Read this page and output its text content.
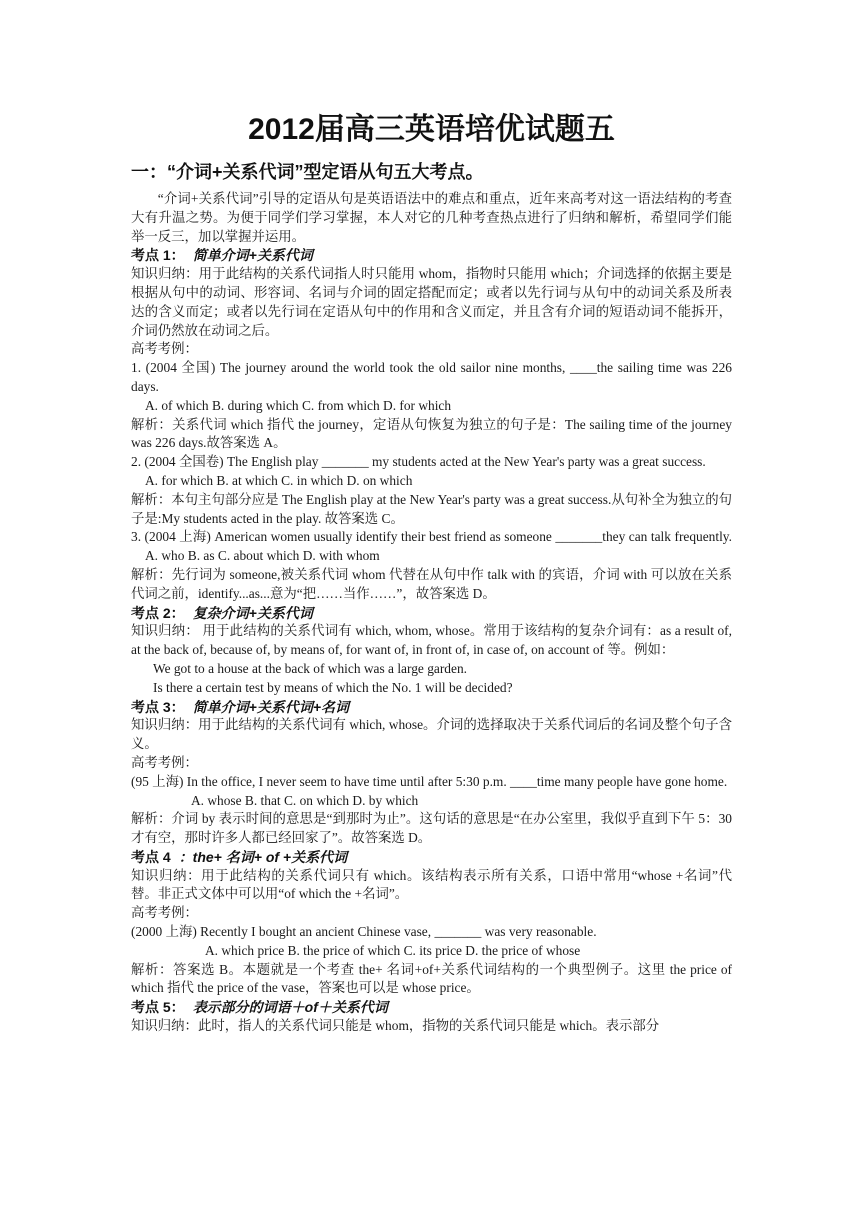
2012届高三英语培优试题五
一：“介词+关系代词”型定语从句五大考点。

“介词+关系代词”引导的定语从句是英语语法中的难点和重点，近年来高考对这一语法结构的考查大有升温之势。为便于同学们学习掌握，本人对它的几种考查热点进行了归纳和解析，希望同学们能举一反三，加以掌握并运用。

考点 1： 简单介词+关系代词

知识归纳：用于此结构的关系代词指人时只能用 whom，指物时只能用 which；介词选择的依据主要是根据从句中的动词、形容词、名词与介词的固定搭配而定；或者以先行词与从句中的动词关系及所表达的含义而定；或者以先行词在定语从句中的作用和含义而定，并且含有介词的短语动词不能拆开，介词仍然放在动词之后。

高考考例：

1. (2004 全国) The journey around the world took the old sailor nine months, ____the sailing time was 226 days.

A. of which B. during which C. from which D. for which

解析：关系代词 which 指代 the journey，定语从句恢复为独立的句子是：The sailing time of the journey was 226 days.故答案选 A。

2. (2004 全国卷) The English play _______ my students acted at the New Year's party was a great success.

A. for which B. at which C. in which D. on which

解析：本句主句部分应是 The English play at the New Year's party was a great success.从句补全为独立的句子是:My students acted in the play. 故答案选 C。

3. (2004 上海) American women usually identify their best friend as someone _______they can talk frequently. A. who B. as C. about which D. with whom

解析：先行词为 someone,被关系代词 whom 代替在从句中作 talk with 的宾语，介词 with 可以放在关系代词之前，identify...as...意为“把……当作……”，故答案选 D。

考点 2： 复杂介词+关系代词

知识归纳： 用于此结构的关系代词有 which, whom, whose。常用于该结构的复杂介词有：as a result of, at the back of, because of, by means of, for want of, in front of, in case of, on account of 等。例如：

We got to a house at the back of which was a large garden.

Is there a certain test by means of which the No. 1 will be decided?

考点 3： 简单介词+关系代词+名词

知识归纳：用于此结构的关系代词有 which, whose。介词的选择取决于关系代词后的名词及整个句子含义。

高考考例：

(95 上海) In the office, I never seem to have time until after 5:30 p.m. ____time many people have gone home.

A. whose B. that C. on which D. by which

解析：介词 by 表示时间的意思是“到那时为止”。这句话的意思是“在办公室里，我似乎直到下午 5：30 才有空，那时许多人都已经回家了”。故答案选 D。

考点 4 ：the+ 名词+ of +关系代词

知识归纳：用于此结构的关系代词只有 which。该结构表示所有关系，口语中常用“whose +名词”代替。非正式文体中可以用“of which the +名词”。

高考考例：

(2000 上海) Recently I bought an ancient Chinese vase, _______ was very reasonable.

A. which price B. the price of which C. its price D. the price of whose

解析：答案选 B。本题就是一个考查 the+ 名词+of+关系代词结构的一个典型例子。这里 the price of which 指代 the price of the vase，答案也可以是 whose price。

考点 5： 表示部分的词语＋of＋关系代词

知识归纳：此时，指人的关系代词只能是 whom，指物的关系代词只能是 which。表示部分
